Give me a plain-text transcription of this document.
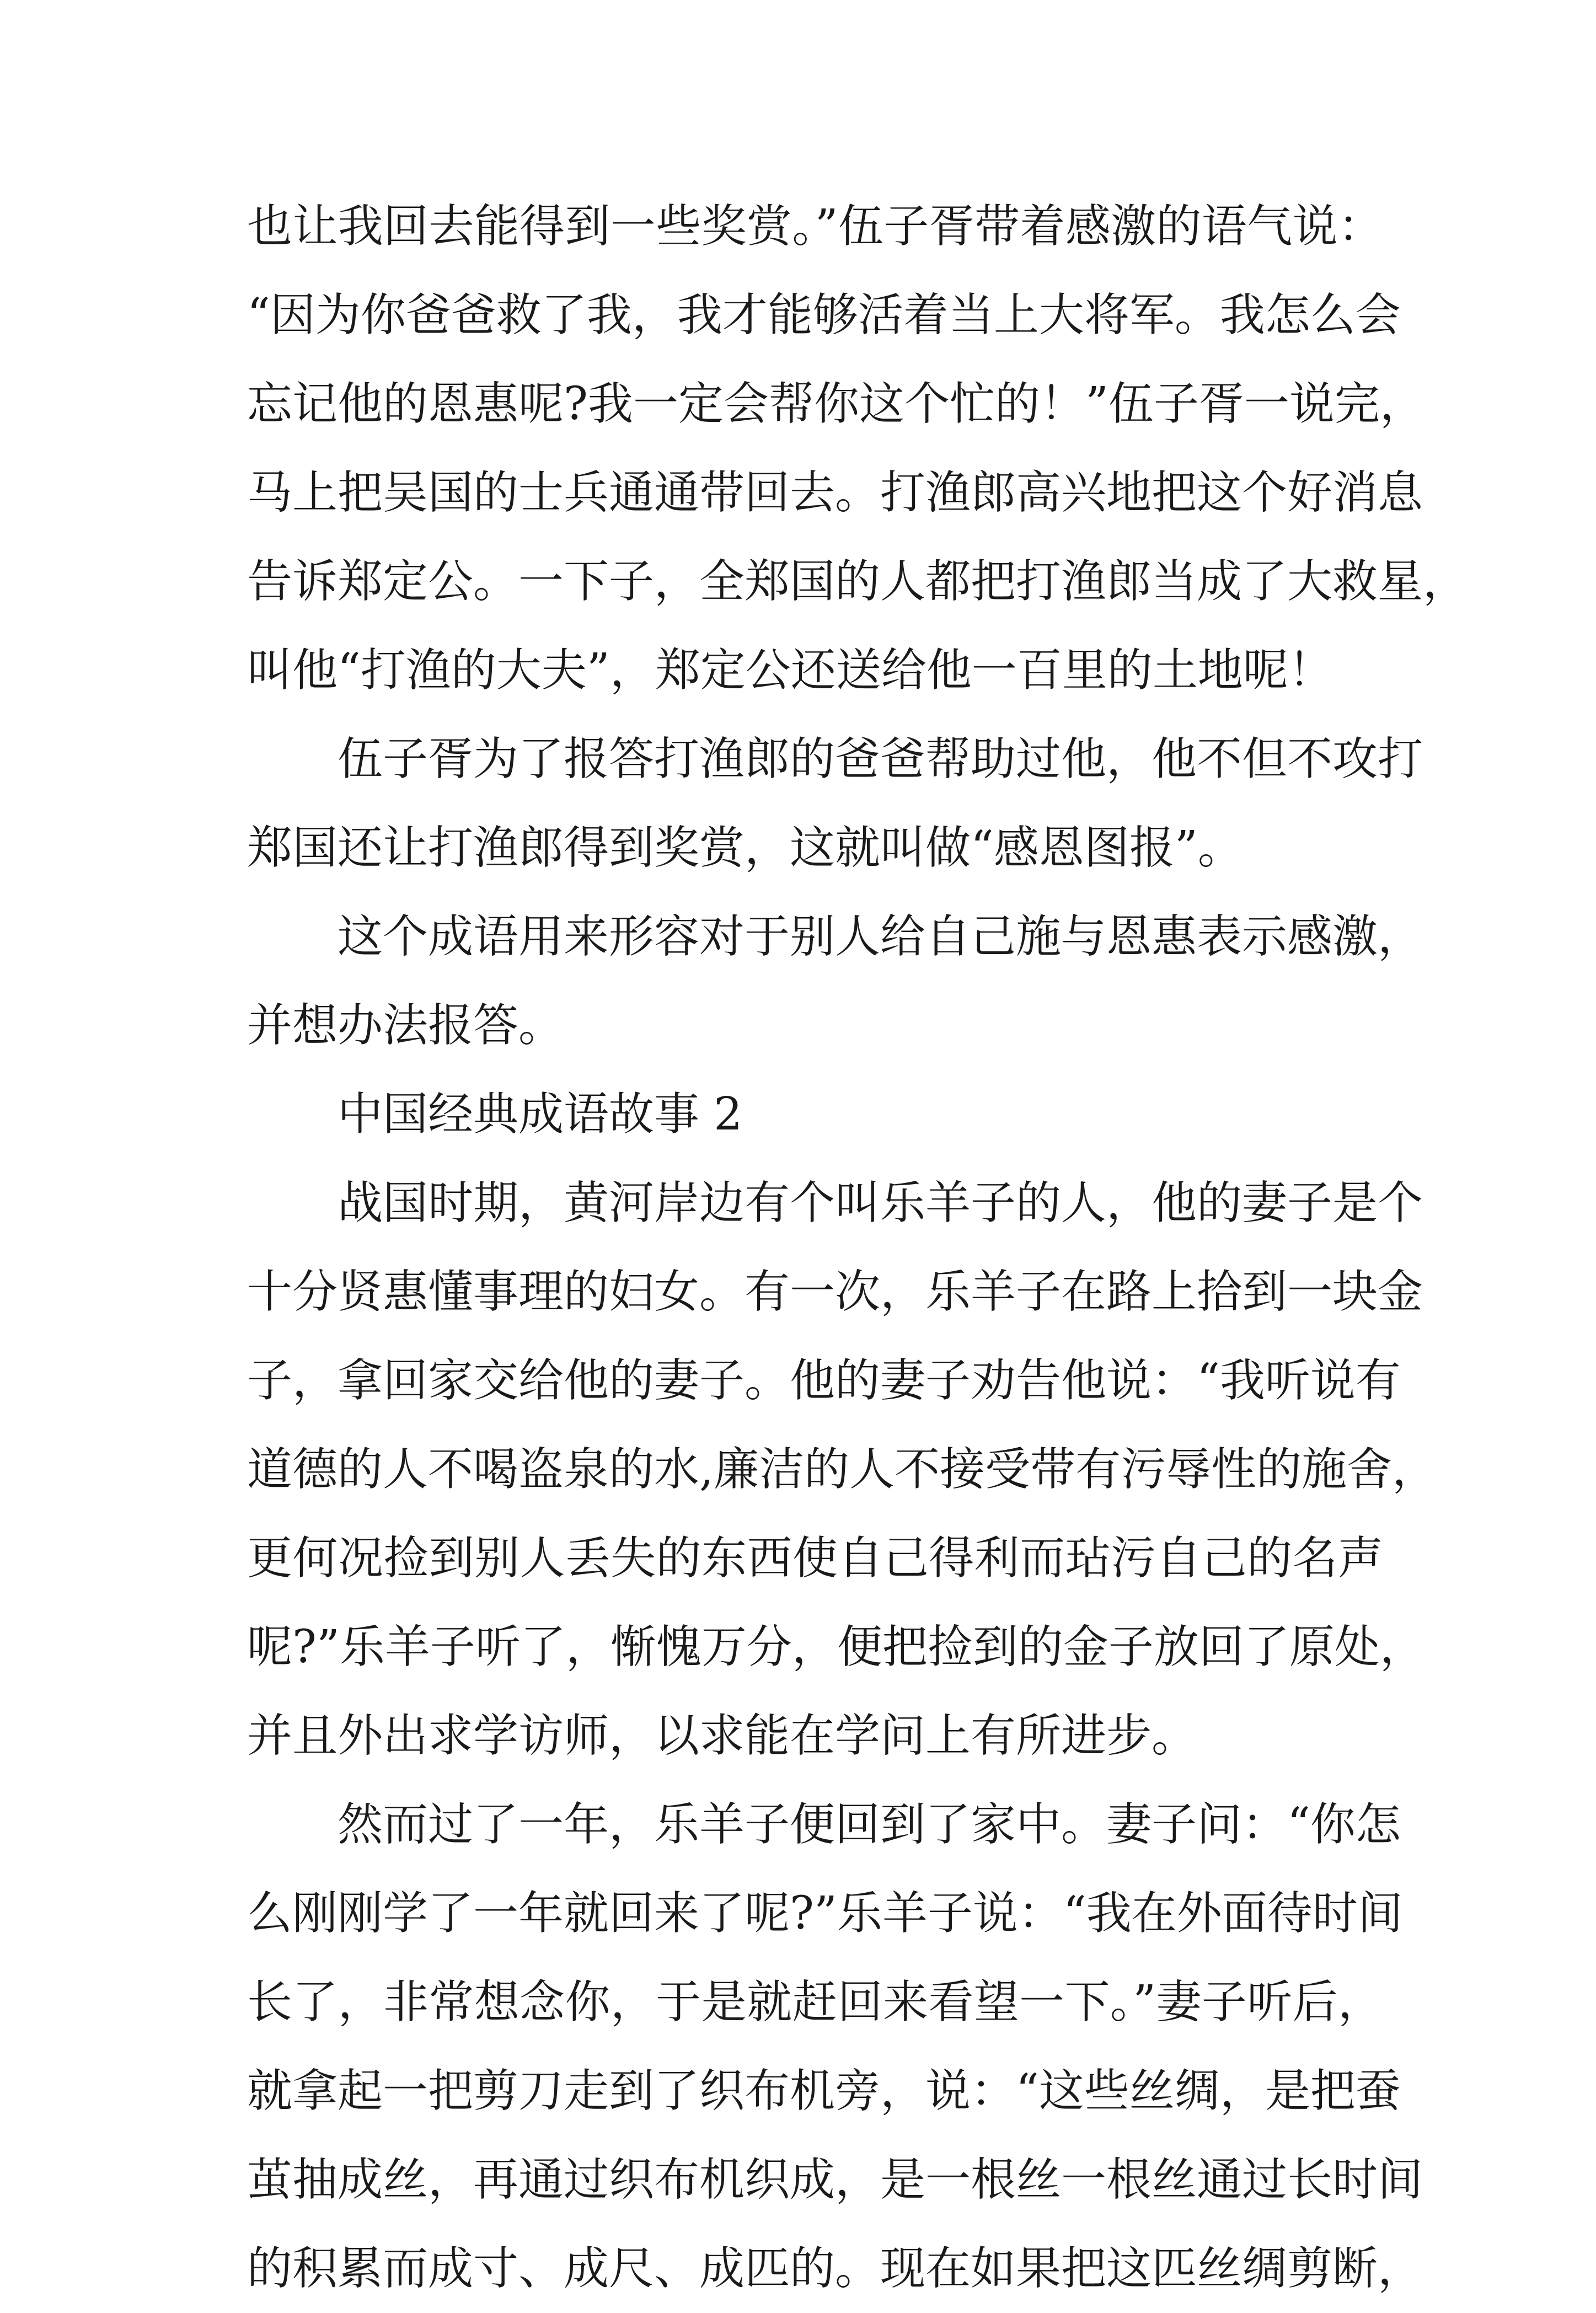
也让我回去能得到一些奖赏。”伍子胥带着感激的语气说：
“因为你爸爸救了我，我才能够活着当上大将军。我怎么会
忘记他的恩惠呢?我一定会帮你这个忙的！”伍子胥一说完，
马上把吴国的士兵通通带回去。打渔郎高兴地把这个好消息
告诉郑定公。一下子，全郑国的人都把打渔郎当成了大救星，
叫他“打渔的大夫”，郑定公还送给他一百里的土地呢！
伍子胥为了报答打渔郎的爸爸帮助过他，他不但不攻打
郑国还让打渔郎得到奖赏，这就叫做“感恩图报”。
这个成语用来形容对于别人给自己施与恩惠表示感激，
并想办法报答。
中国经典成语故事 2
战国时期，黄河岸边有个叫乐羊子的人，他的妻子是个
十分贤惠懂事理的妇女。有一次，乐羊子在路上拾到一块金
子，拿回家交给他的妻子。他的妻子劝告他说：“我听说有
道德的人不喝盗泉的水,廉洁的人不接受带有污辱性的施舍，
更何况捡到别人丢失的东西使自己得利而玷污自己的名声
呢?”乐羊子听了，惭愧万分，便把捡到的金子放回了原处，
并且外出求学访师，以求能在学问上有所进步。
然而过了一年，乐羊子便回到了家中。妻子问：“你怎
么刚刚学了一年就回来了呢?”乐羊子说：“我在外面待时间
长了，非常想念你，于是就赶回来看望一下。”妻子听后，
就拿起一把剪刀走到了织布机旁，说：“这些丝绸，是把蚕
茧抽成丝，再通过织布机织成，是一根丝一根丝通过长时间
的积累而成寸、成尺、成匹的。现在如果把这匹丝绸剪断，
